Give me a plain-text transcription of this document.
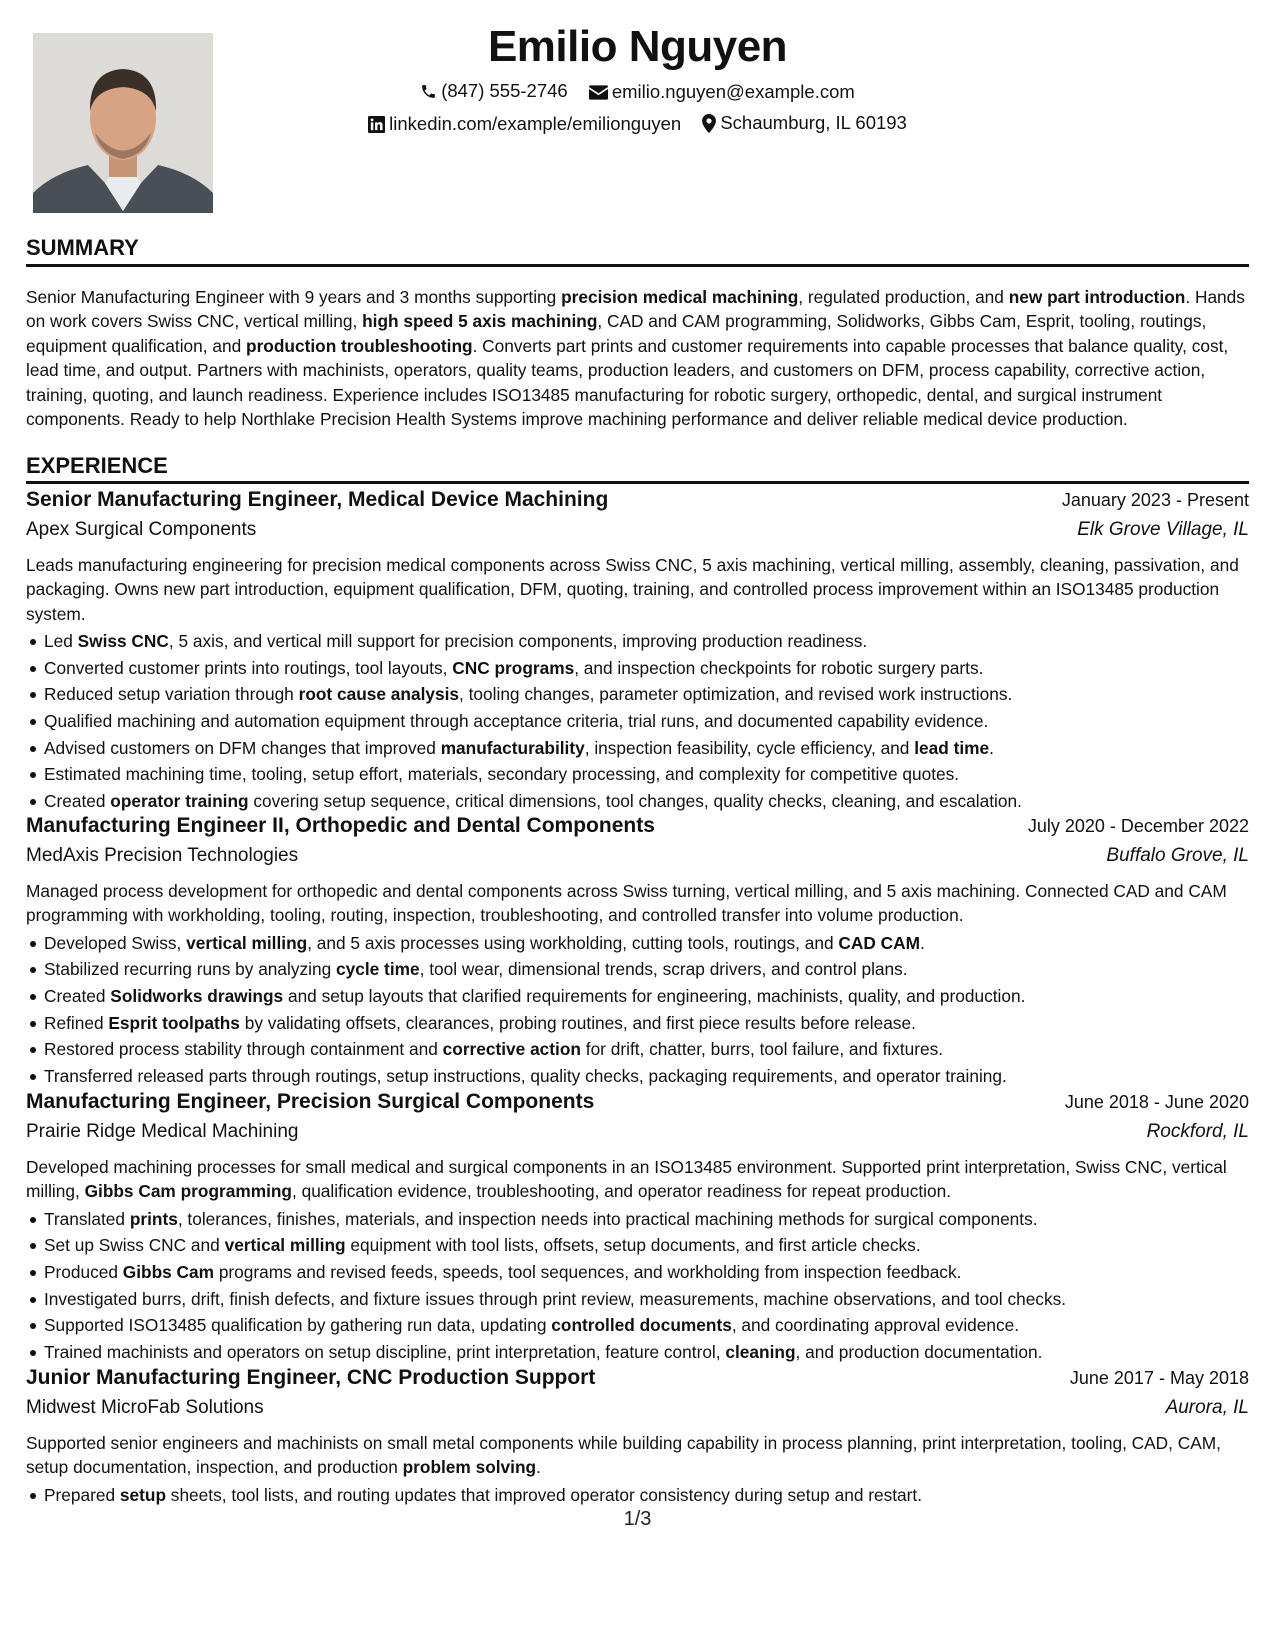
Emilio Nguyen
(847) 555-2746
emilio.nguyen@example.com
linkedin.com/example/emilionguyen
Schaumburg, IL 60193
SUMMARY
Senior Manufacturing Engineer with 9 years and 3 months supporting precision medical machining, regulated production, and new part introduction. Hands on work covers Swiss CNC, vertical milling, high speed 5 axis machining, CAD and CAM programming, Solidworks, Gibbs Cam, Esprit, tooling, routings, equipment qualification, and production troubleshooting. Converts part prints and customer requirements into capable processes that balance quality, cost, lead time, and output. Partners with machinists, operators, quality teams, production leaders, and customers on DFM, process capability, corrective action, training, quoting, and launch readiness. Experience includes ISO13485 manufacturing for robotic surgery, orthopedic, dental, and surgical instrument components. Ready to help Northlake Precision Health Systems improve machining performance and deliver reliable medical device production.
EXPERIENCE
Senior Manufacturing Engineer, Medical Device Machining	January 2023 - Present
Apex Surgical Components	Elk Grove Village, IL
Leads manufacturing engineering for precision medical components across Swiss CNC, 5 axis machining, vertical milling, assembly, cleaning, passivation, and packaging. Owns new part introduction, equipment qualification, DFM, quoting, training, and controlled process improvement within an ISO13485 production system.
Led Swiss CNC, 5 axis, and vertical mill support for precision components, improving production readiness.
Converted customer prints into routings, tool layouts, CNC programs, and inspection checkpoints for robotic surgery parts.
Reduced setup variation through root cause analysis, tooling changes, parameter optimization, and revised work instructions.
Qualified machining and automation equipment through acceptance criteria, trial runs, and documented capability evidence.
Advised customers on DFM changes that improved manufacturability, inspection feasibility, cycle efficiency, and lead time.
Estimated machining time, tooling, setup effort, materials, secondary processing, and complexity for competitive quotes.
Created operator training covering setup sequence, critical dimensions, tool changes, quality checks, cleaning, and escalation.
Manufacturing Engineer II, Orthopedic and Dental Components	July 2020 - December 2022
MedAxis Precision Technologies	Buffalo Grove, IL
Managed process development for orthopedic and dental components across Swiss turning, vertical milling, and 5 axis machining. Connected CAD and CAM programming with workholding, tooling, routing, inspection, troubleshooting, and controlled transfer into volume production.
Developed Swiss, vertical milling, and 5 axis processes using workholding, cutting tools, routings, and CAD CAM.
Stabilized recurring runs by analyzing cycle time, tool wear, dimensional trends, scrap drivers, and control plans.
Created Solidworks drawings and setup layouts that clarified requirements for engineering, machinists, quality, and production.
Refined Esprit toolpaths by validating offsets, clearances, probing routines, and first piece results before release.
Restored process stability through containment and corrective action for drift, chatter, burrs, tool failure, and fixtures.
Transferred released parts through routings, setup instructions, quality checks, packaging requirements, and operator training.
Manufacturing Engineer, Precision Surgical Components	June 2018 - June 2020
Prairie Ridge Medical Machining	Rockford, IL
Developed machining processes for small medical and surgical components in an ISO13485 environment. Supported print interpretation, Swiss CNC, vertical milling, Gibbs Cam programming, qualification evidence, troubleshooting, and operator readiness for repeat production.
Translated prints, tolerances, finishes, materials, and inspection needs into practical machining methods for surgical components.
Set up Swiss CNC and vertical milling equipment with tool lists, offsets, setup documents, and first article checks.
Produced Gibbs Cam programs and revised feeds, speeds, tool sequences, and workholding from inspection feedback.
Investigated burrs, drift, finish defects, and fixture issues through print review, measurements, machine observations, and tool checks.
Supported ISO13485 qualification by gathering run data, updating controlled documents, and coordinating approval evidence.
Trained machinists and operators on setup discipline, print interpretation, feature control, cleaning, and production documentation.
Junior Manufacturing Engineer, CNC Production Support	June 2017 - May 2018
Midwest MicroFab Solutions	Aurora, IL
Supported senior engineers and machinists on small metal components while building capability in process planning, print interpretation, tooling, CAD, CAM, setup documentation, inspection, and production problem solving.
Prepared setup sheets, tool lists, and routing updates that improved operator consistency during setup and restart.
1/3
